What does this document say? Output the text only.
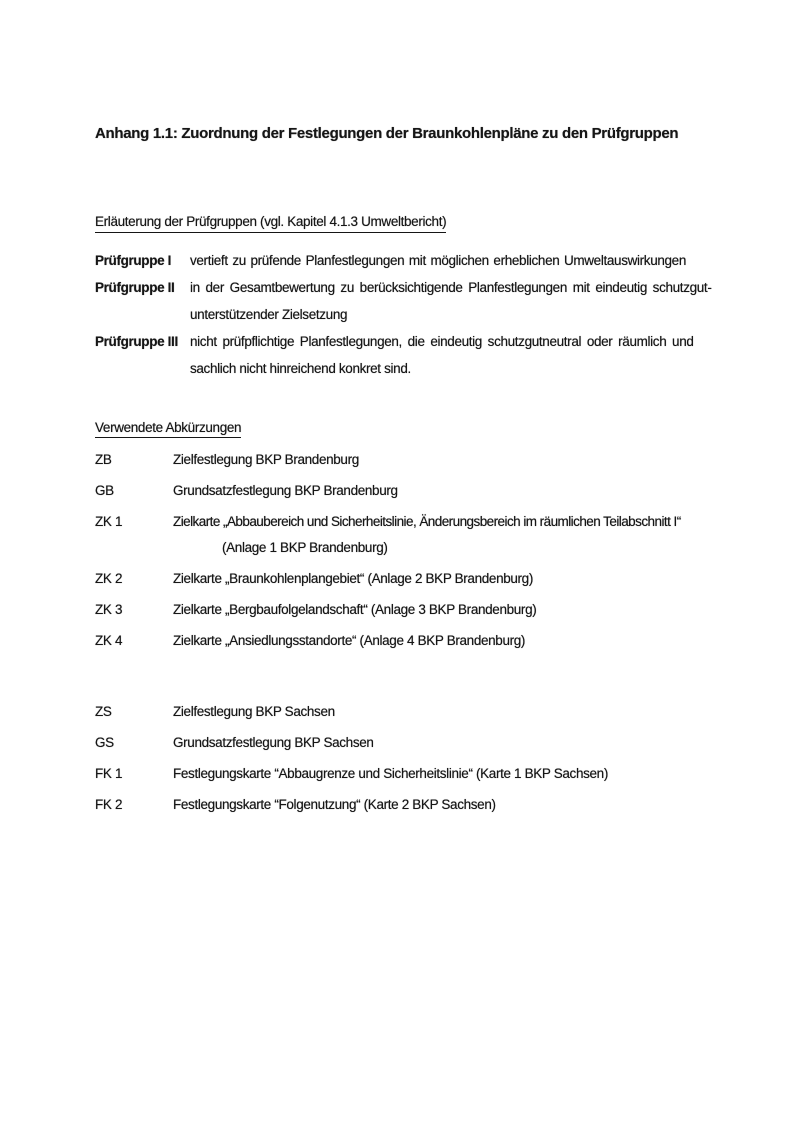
Anhang 1.1: Zuordnung der Festlegungen der Braunkohlenpläne zu den Prüfgruppen
Erläuterung der Prüfgruppen (vgl. Kapitel 4.1.3 Umweltbericht)
Prüfgruppe I	vertieft zu prüfende Planfestlegungen mit möglichen erheblichen Umweltauswirkungen
Prüfgruppe II	in der Gesamtbewertung zu berücksichtigende Planfestlegungen mit eindeutig schutzgut-
unterstützender Zielsetzung
Prüfgruppe III nicht prüfpflichtige Planfestlegungen, die eindeutig schutzgutneutral oder räumlich und
sachlich nicht hinreichend konkret sind.
Verwendete Abkürzungen
ZB	Zielfestlegung BKP Brandenburg
GB	Grundsatzfestlegung BKP Brandenburg
ZK 1	Zielkarte „Abbaubereich und Sicherheitslinie, Änderungsbereich im räumlichen Teilabschnitt I“
(Anlage 1 BKP Brandenburg)
ZK 2	Zielkarte „Braunkohlenplangebiet“ (Anlage 2 BKP Brandenburg)
ZK 3	Zielkarte „Bergbaufolgelandschaft“ (Anlage 3 BKP Brandenburg)
ZK 4	Zielkarte „Ansiedlungsstandorte“ (Anlage 4 BKP Brandenburg)
ZS	Zielfestlegung BKP Sachsen
GS	Grundsatzfestlegung BKP Sachsen
FK 1	Festlegungskarte “Abbaugrenze und Sicherheitslinie“ (Karte 1 BKP Sachsen)
FK 2	Festlegungskarte “Folgenutzung“ (Karte 2 BKP Sachsen)
